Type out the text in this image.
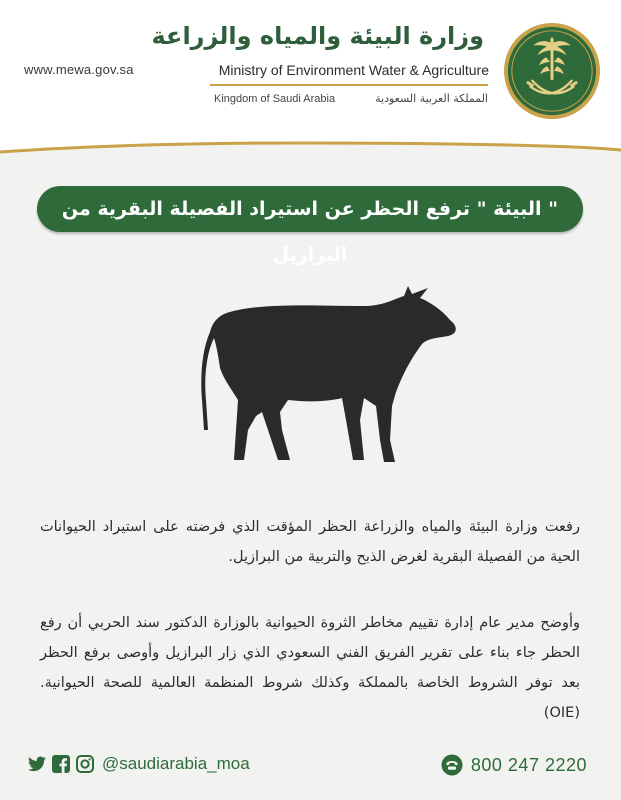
www.mewa.gov.sa
وزارة البيئة والمياه والزراعة
Ministry of Environment Water & Agriculture
Kingdom of Saudi Arabia	المملكة العربية السعودية
" البيئة " ترفع الحظر عن استيراد الفصيلة البقرية من البرازيل
رفعت وزارة البيئة والمياه والزراعة الحظر المؤقت الذي فرضته على استيراد الحيوانات الحية من الفصيلة البقرية لغرض الذبح والتربية من البرازيل.
وأوضح مدير عام إدارة تقييم مخاطر الثروة الحيوانية بالوزارة الدكتور سند الحربي أن رفع الحظر جاء بناء على تقرير الفريق الفني السعودي الذي زار البرازيل وأوصى برفع الحظر بعد توفر الشروط الخاصة بالمملكة وكذلك شروط المنظمة العالمية للصحة الحيوانية. (OIE)
@saudiarabia_moa	800 247 2220
